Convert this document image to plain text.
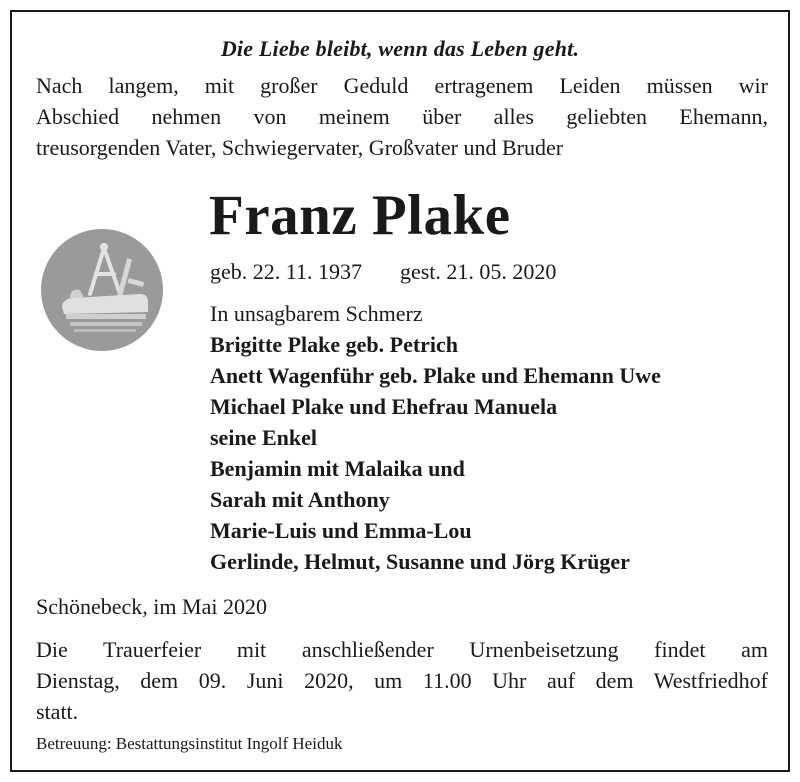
Die Liebe bleibt, wenn das Leben geht.
Nach langem, mit großer Geduld ertragenem Leiden müssen wir
Abschied nehmen von meinem über alles geliebten Ehemann,
treusorgenden Vater, Schwiegervater, Großvater und Bruder
Franz Plake
geb. 22. 11. 1937 gest. 21. 05. 2020
In unsagbarem Schmerz
Brigitte Plake geb. Petrich
Anett Wagenführ geb. Plake und Ehemann Uwe
Michael Plake und Ehefrau Manuela
seine Enkel
Benjamin mit Malaika und
Sarah mit Anthony
Marie-Luis und Emma-Lou
Gerlinde, Helmut, Susanne und Jörg Krüger
Schönebeck, im Mai 2020
Die Trauerfeier mit anschließender Urnenbeisetzung findet am
Dienstag, dem 09. Juni 2020, um 11.00 Uhr auf dem Westfriedhof
statt.
Betreuung: Bestattungsinstitut Ingolf Heiduk
